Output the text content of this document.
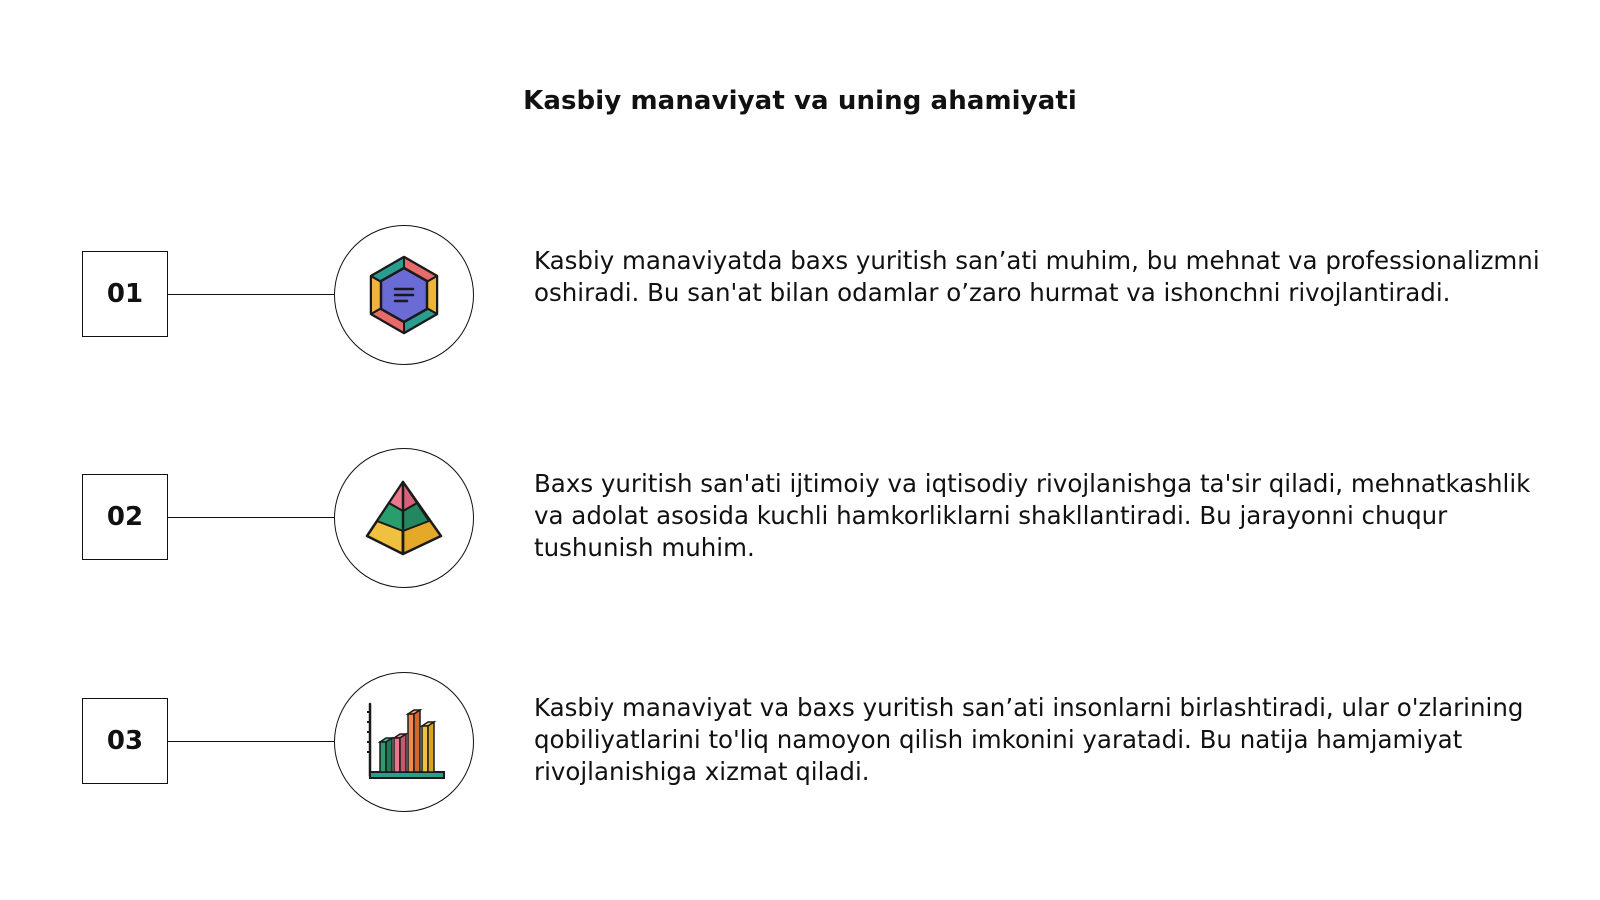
Kasbiy manaviyat va uning ahamiyati
01
Kasbiy manaviyatda baxs yuritish san’ati muhim, bu mehnat va professionalizmni oshiradi. Bu san'at bilan odamlar o’zaro hurmat va ishonchni rivojlantiradi.
02
Baxs yuritish san'ati ijtimoiy va iqtisodiy rivojlanishga ta'sir qiladi, mehnatkashlik va adolat asosida kuchli hamkorliklarni shakllantiradi. Bu jarayonni chuqur tushunish muhim.
03
Kasbiy manaviyat va baxs yuritish san’ati insonlarni birlashtiradi, ular o'zlarining qobiliyatlarini to'liq namoyon qilish imkonini yaratadi. Bu natija hamjamiyat rivojlanishiga xizmat qiladi.
